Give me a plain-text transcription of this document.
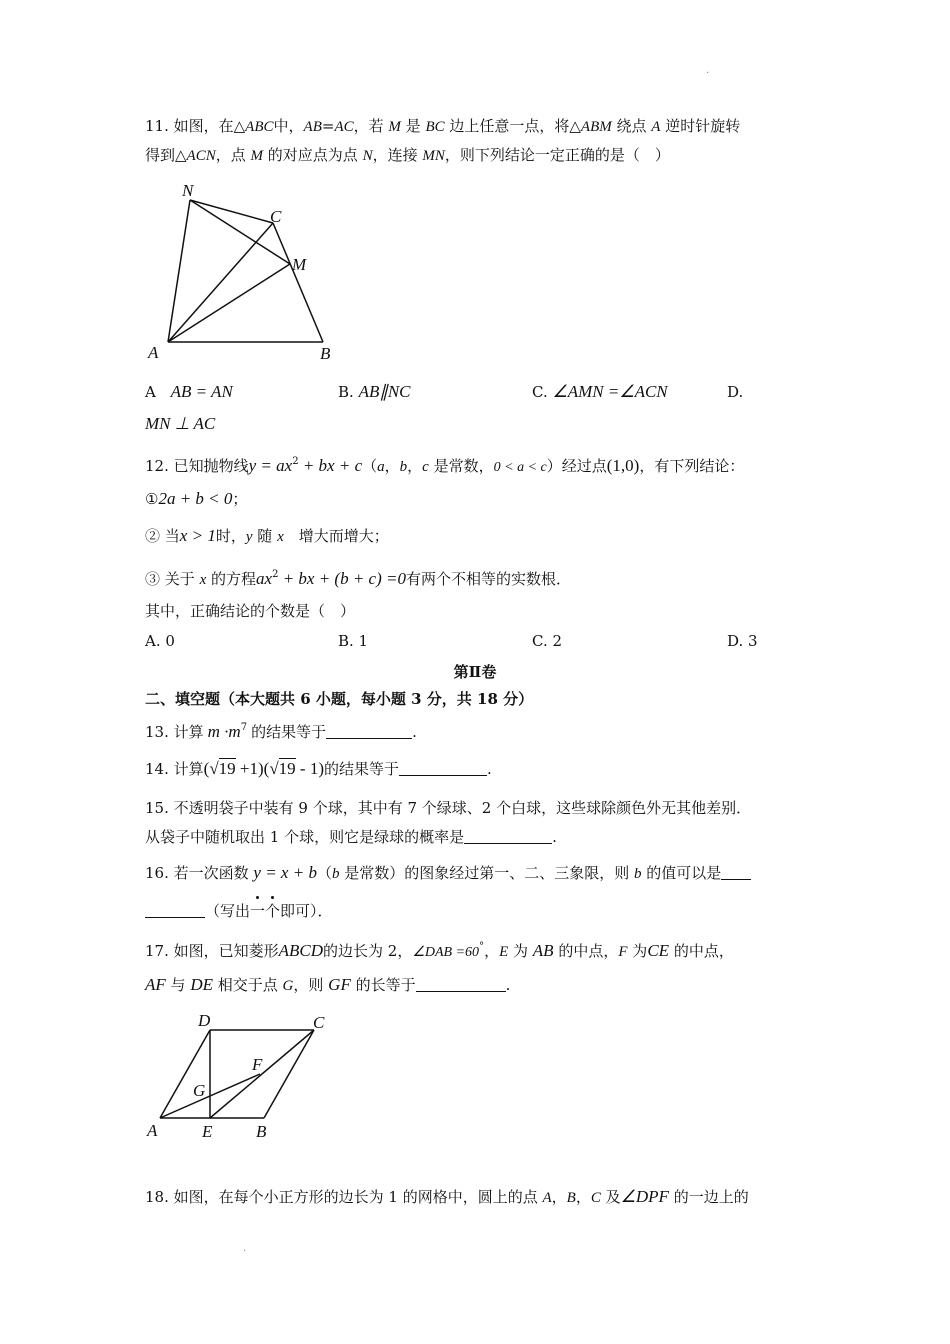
.
.
11. 如图，在△ABC中，AB=AC，若 M 是 BC 边上任意一点，将△ABM 绕点 A 逆时针旋转
得到△ACN，点 M 的对应点为点 N，连接 MN，则下列结论一定正确的是（　）
N
C
M
A	B
A AB = AN	B. AB∥NC	C. ∠AMN =∠ACN	D.
MN ⊥ AC
12. 已知抛物线$y = ax^2$ + bx + c（a，b，c 是常数，0 < a < c）经过点(1,0)，有下列结论：
①2a + b < 0；
② 当x > 1时，y 随 x　增大而增大；
③ 关于 x 的方程$ax^2$ + bx + (b + c) =0有两个不相等的实数根．
其中，正确结论的个数是（　）
A. 0	B. 1	C. 2	D. 3
第Ⅱ卷
二、填空题（本大题共 6 小题，每小题 3 分，共 18 分）
13. 计算 $m \cdot m^7$ 的结果等于	.
14. 计算(√19 +1)(√19 - 1)的结果等于	.
15. 不透明袋子中装有 9 个球，其中有 7 个绿球、2 个白球，这些球除颜色外无其他差别．
从袋子中随机取出 1 个球，则它是绿球的概率是	.
16. 若一次函数 y = x + b（b 是常数）的图象经过第一、二、三象限，则 b 的值可以是
（写出一个即可）．
17. 如图，已知菱形ABCD的边长为 2，∠DAB =60°，E 为 AB 的中点，F 为CE 的中点，
AF 与 DE 相交于点 G，则 GF 的长等于	.
D	C
F
G
A	E	B
18. 如图，在每个小正方形的边长为 1 的网格中，圆上的点 A，B，C 及∠DPF 的一边上的
